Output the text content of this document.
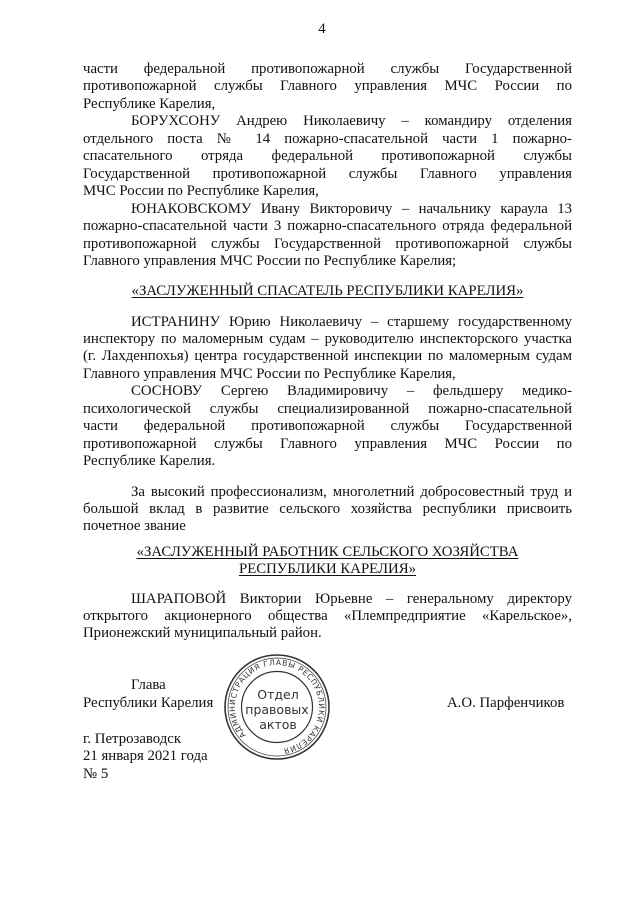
4
части федеральной противопожарной службы Государственной
противопожарной службы Главного управления МЧС России по
Республике Карелия,
БОРУХСОНУ Андрею Николаевичу – командиру отделения
отдельного поста № 14 пожарно-спасательной части 1 пожарно-
спасательного отряда федеральной противопожарной службы
Государственной противопожарной службы Главного управления
МЧС России по Республике Карелия,
ЮНАКОВСКОМУ Ивану Викторовичу – начальнику караула 13
пожарно-спасательной части 3 пожарно-спасательного отряда федеральной
противопожарной службы Государственной противопожарной службы
Главного управления МЧС России по Республике Карелия;
«ЗАСЛУЖЕННЫЙ СПАСАТЕЛЬ РЕСПУБЛИКИ КАРЕЛИЯ»
ИСТРАНИНУ Юрию Николаевичу – старшему государственному
инспектору по маломерным судам – руководителю инспекторского участка
(г. Лахденпохья) центра государственной инспекции по маломерным судам
Главного управления МЧС России по Республике Карелия,
СОСНОВУ Сергею Владимировичу – фельдшеру медико-
психологической службы специализированной пожарно-спасательной
части федеральной противопожарной службы Государственной
противопожарной службы Главного управления МЧС России по
Республике Карелия.
За высокий профессионализм, многолетний добросовестный труд и
большой вклад в развитие сельского хозяйства республики присвоить
почетное звание
«ЗАСЛУЖЕННЫЙ РАБОТНИК СЕЛЬСКОГО ХОЗЯЙСТВА
РЕСПУБЛИКИ КАРЕЛИЯ»
ШАРАПОВОЙ Виктории Юрьевне – генеральному директору
открытого акционерного общества «Племпредприятие «Карельское»,
Прионежский муниципальный район.
Глава
Республики Карелия	А.О. Парфенчиков
АДМИНИСТРАЦИЯ ГЛАВЫ РЕСПУБЛИКИ КАРЕЛИЯ
Отдел
правовых
актов
г. Петрозаводск
21 января 2021 года
№ 5
